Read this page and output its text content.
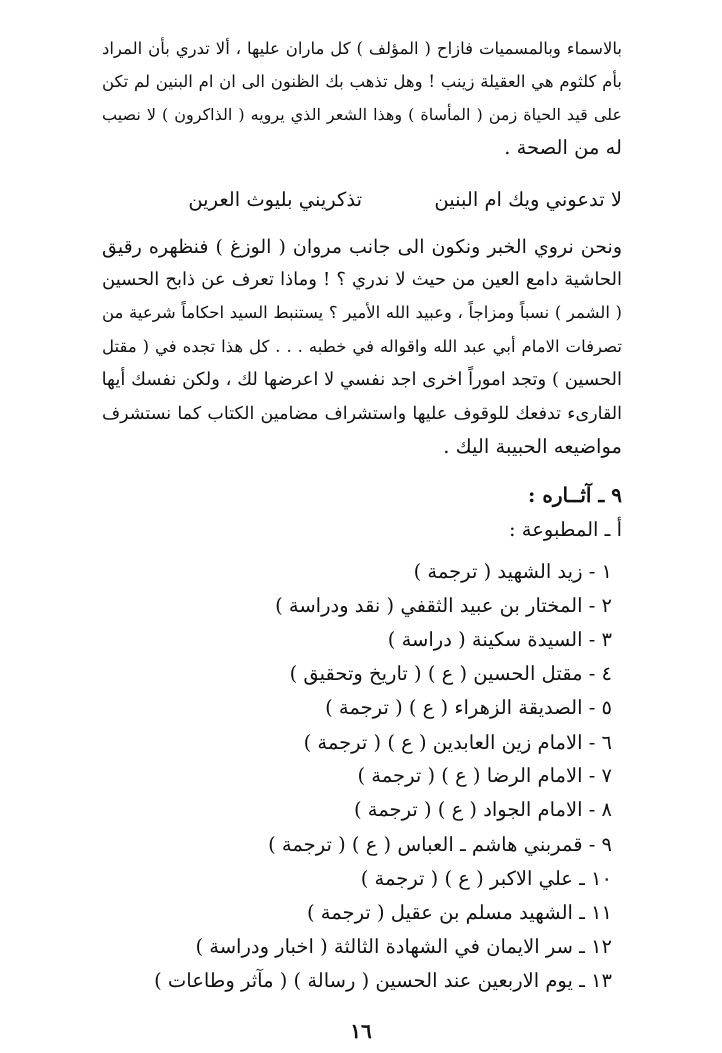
بالاسماء وبالمسميات فازاح ( المؤلف ) كل ماران عليها ، ألا تدري بأن المراد
بأم كلثوم هي العقيلة زينب ! وهل تذهب بك الظنون الى ان ام البنين لم تكن
على قيد الحياة زمن ( المأساة ) وهذا الشعر الذي يرويه ( الذاكرون ) لا نصيب
له من الصحة .
لا تدعوني ويك ام البنين
تذكريني بليوث العرين
ونحن نروي الخبر ونكون الى جانب مروان ( الوزغ ) فنظهره رقيق
الحاشية دامع العين من حيث لا ندري ؟ ! وماذا تعرف عن ذابح الحسين
( الشمر ) نسباً ومزاجاً ، وعبيد الله الأمير ؟ يستنبط السيد احكاماً شرعية من
تصرفات الامام أبي عبد الله واقواله في خطبه . . . كل هذا تجده في ( مقتل
الحسين ) وتجد اموراً اخرى اجد نفسي لا اعرضها لك ، ولكن نفسك أيها
القارىء تدفعك للوقوف عليها واستشراف مضامين الكتاب كما نستشرف
مواضيعه الحبيبة اليك .
٩ ـ آثــاره :
أ ـ المطبوعة :
١ - زيد الشهيد ( ترجمة )
٢ - المختار بن عبيد الثقفي ( نقد ودراسة )
٣ - السيدة سكينة ( دراسة )
٤ - مقتل الحسين ( ع ) ( تاريخ وتحقيق )
٥ - الصديقة الزهراء ( ع ) ( ترجمة )
٦ - الامام زين العابدين ( ع ) ( ترجمة )
٧ - الامام الرضا ( ع ) ( ترجمة )
٨ - الامام الجواد ( ع ) ( ترجمة )
٩ - قمربني هاشم ـ العباس ( ع ) ( ترجمة )
١٠ ـ علي الاكبر ( ع ) ( ترجمة )
١١ ـ الشهيد مسلم بن عقيل ( ترجمة )
١٢ ـ سر الايمان في الشهادة الثالثة ( اخبار ودراسة )
١٣ ـ يوم الاربعين عند الحسين ( رسالة ) ( مآثر وطاعات )
١٦
